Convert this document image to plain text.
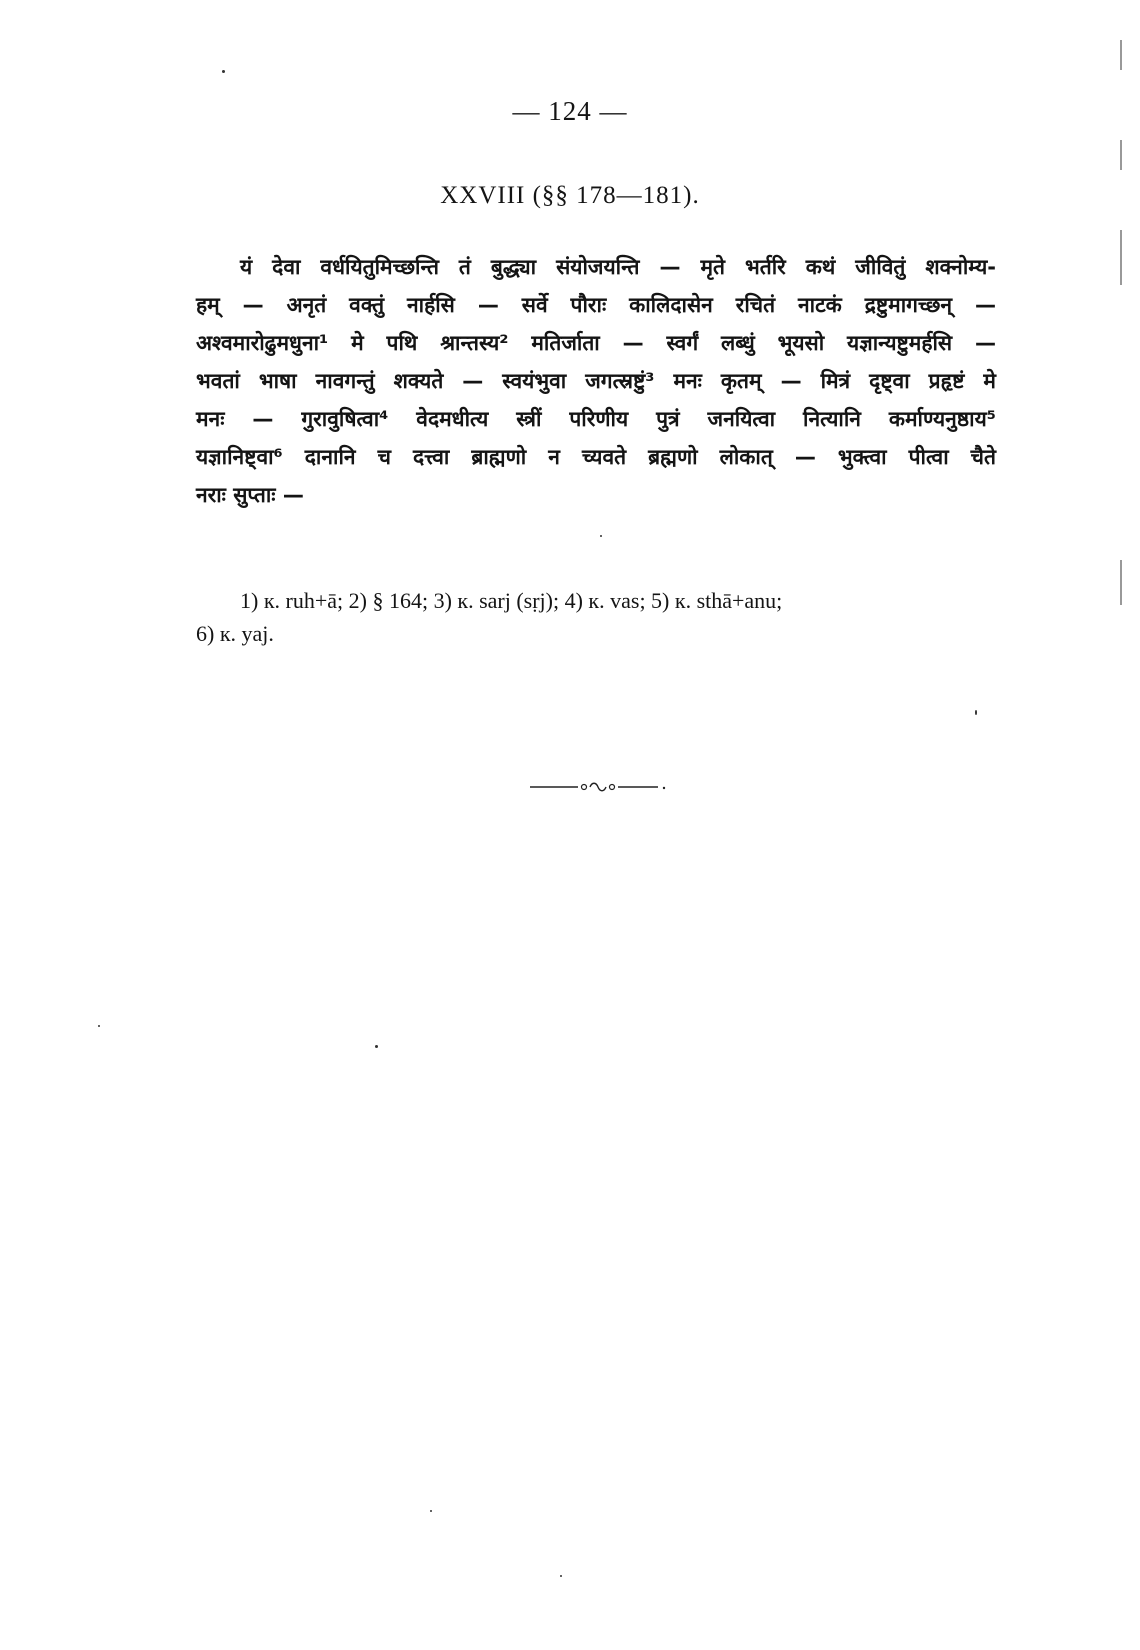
— 124 —
XXVIII (§§ 178—181).
यं देवा वर्धयितुमिच्छन्ति तं बुद्ध्या संयोजयन्ति — मृते भर्तरि कथं जीवितुं शक्नोम्य-
हम् — अनृतं वक्तुं नार्हसि — सर्वे पौराः कालिदासेन रचितं नाटकं द्रष्टुमागच्छन् —
अश्वमारोढुमधुना¹ मे पथि श्रान्तस्य² मतिर्जाता — स्वर्गं लब्धुं भूयसो यज्ञान्यष्टुमर्हसि —
भवतां भाषा नावगन्तुं शक्यते — स्वयंभुवा जगत्स्रष्टुं³ मनः कृतम् — मित्रं दृष्ट्वा प्रहृष्टं मे
मनः — गुरावुषित्वा⁴ वेदमधीत्य स्त्रीं परिणीय पुत्रं जनयित्वा नित्यानि कर्माण्यनुष्ठाय⁵
यज्ञानिष्ट्वा⁶ दानानि च दत्त्वा ब्राह्मणो न च्यवते ब्रह्मणो लोकात् — भुक्त्वा पीत्वा चैते
नराः सुप्ताः —
1) к. ruh+ā; 2) § 164; 3) к. sarj (sṛj); 4) к. vas; 5) к. sthā+anu;
6) к. yaj.
